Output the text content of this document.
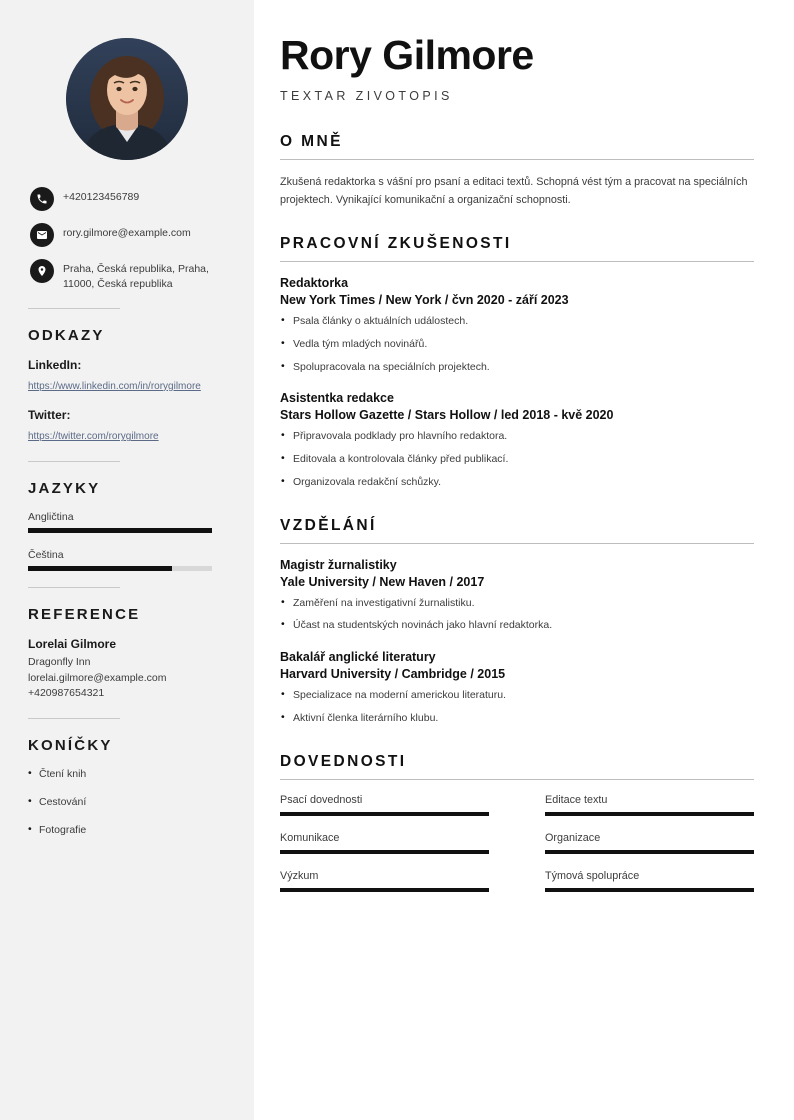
+420123456789
rory.gilmore@example.com
Praha, Česká republika, Praha, 11000, Česká republika
ODKAZY
LinkedIn:
https://www.linkedin.com/in/rorygilmore
Twitter:
https://twitter.com/rorygilmore
JAZYKY
Angličtina
Čeština
REFERENCE
Lorelai Gilmore
Dragonfly Inn
lorelai.gilmore@example.com
+420987654321
KONÍČKY
• Čtení knih
• Cestování
• Fotografie
Rory Gilmore
TEXTAR ZIVOTOPIS
O MNĚ

Zkušená redaktorka s vášní pro psaní a editaci textů. Schopná vést tým a pracovat na speciálních projektech. Vynikající komunikační a organizační schopnosti.

PRACOVNÍ ZKUŠENOSTI
Redaktorka
New York Times / New York / čvn 2020 - září 2023
• Psala články o aktuálních událostech.
• Vedla tým mladých novinářů.
• Spolupracovala na speciálních projektech.
Asistentka redakce
Stars Hollow Gazette / Stars Hollow / led 2018 - kvě 2020
• Připravovala podklady pro hlavního redaktora.
• Editovala a kontrolovala články před publikací.
• Organizovala redakční schůzky.
VZDĚLÁNÍ
Magistr žurnalistiky
Yale University / New Haven / 2017
• Zaměření na investigativní žurnalistiku.
• Účast na studentských novinách jako hlavní redaktorka.
Bakalář anglické literatury
Harvard University / Cambridge / 2015
• Specializace na moderní americkou literaturu.
• Aktivní členka literárního klubu.
DOVEDNOSTI
Psací dovednosti	Editace textu
Komunikace	Organizace
Výzkum	Týmová spolupráce
